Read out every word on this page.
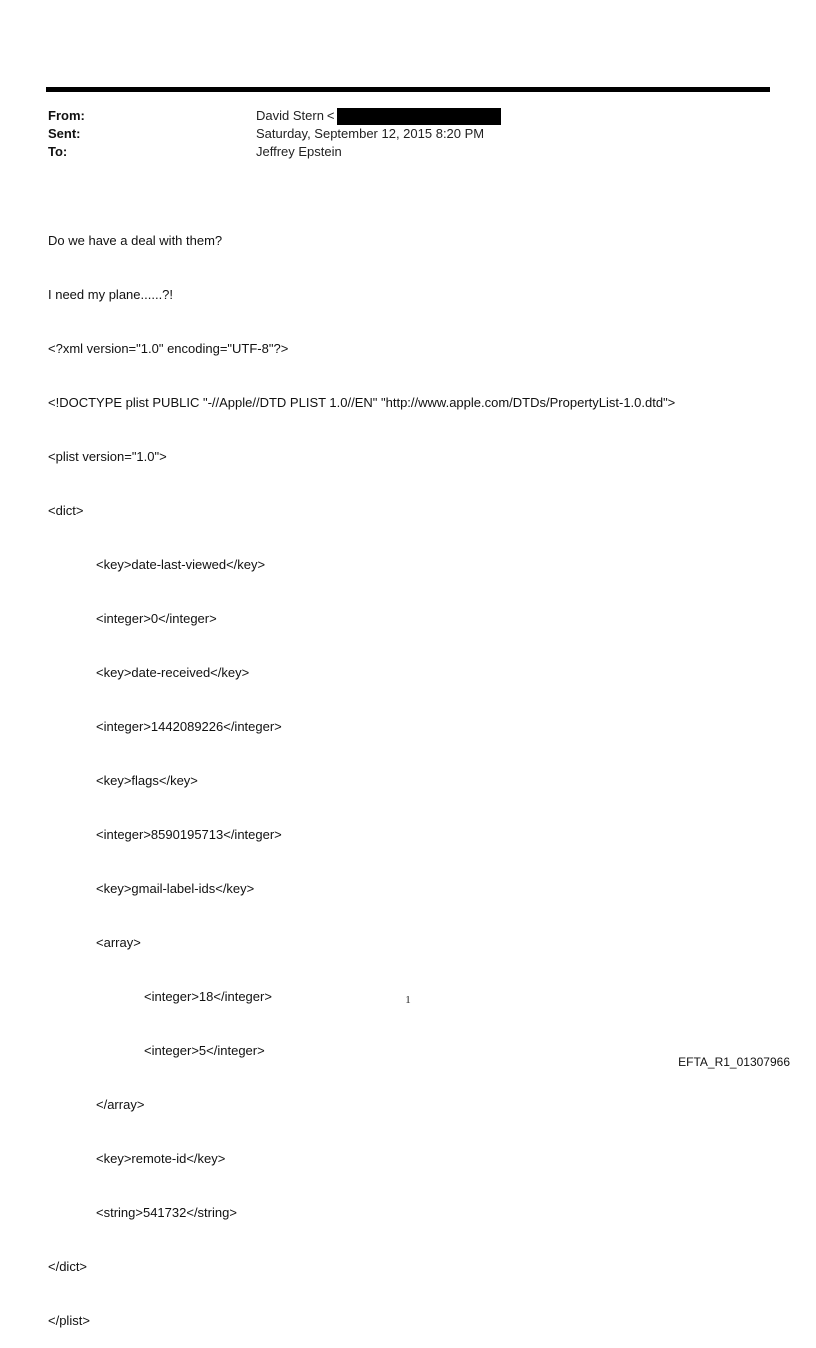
From:	David Stern <
Sent:	Saturday, September 12, 2015 8:20 PM
To:	Jeffrey Epstein

Do we have a deal with them?

I need my plane......?!

<?xml version="1.0" encoding="UTF-8"?>

<!DOCTYPE plist PUBLIC "-//Apple//DTD PLIST 1.0//EN" "http://www.apple.com/DTDs/PropertyList-1.0.dtd">

<plist version="1.0">

<dict>

<key>date-last-viewed</key>

<integer>0</integer>

<key>date-received</key>

<integer>1442089226</integer>

<key>flags</key>

<integer>8590195713</integer>

<key>gmail-label-ids</key>

<array>

<integer>18</integer>

<integer>5</integer>

</array>

<key>remote-id</key>

<string>541732</string>

</dict>

</plist>

1
EFTA_R1_01307966
